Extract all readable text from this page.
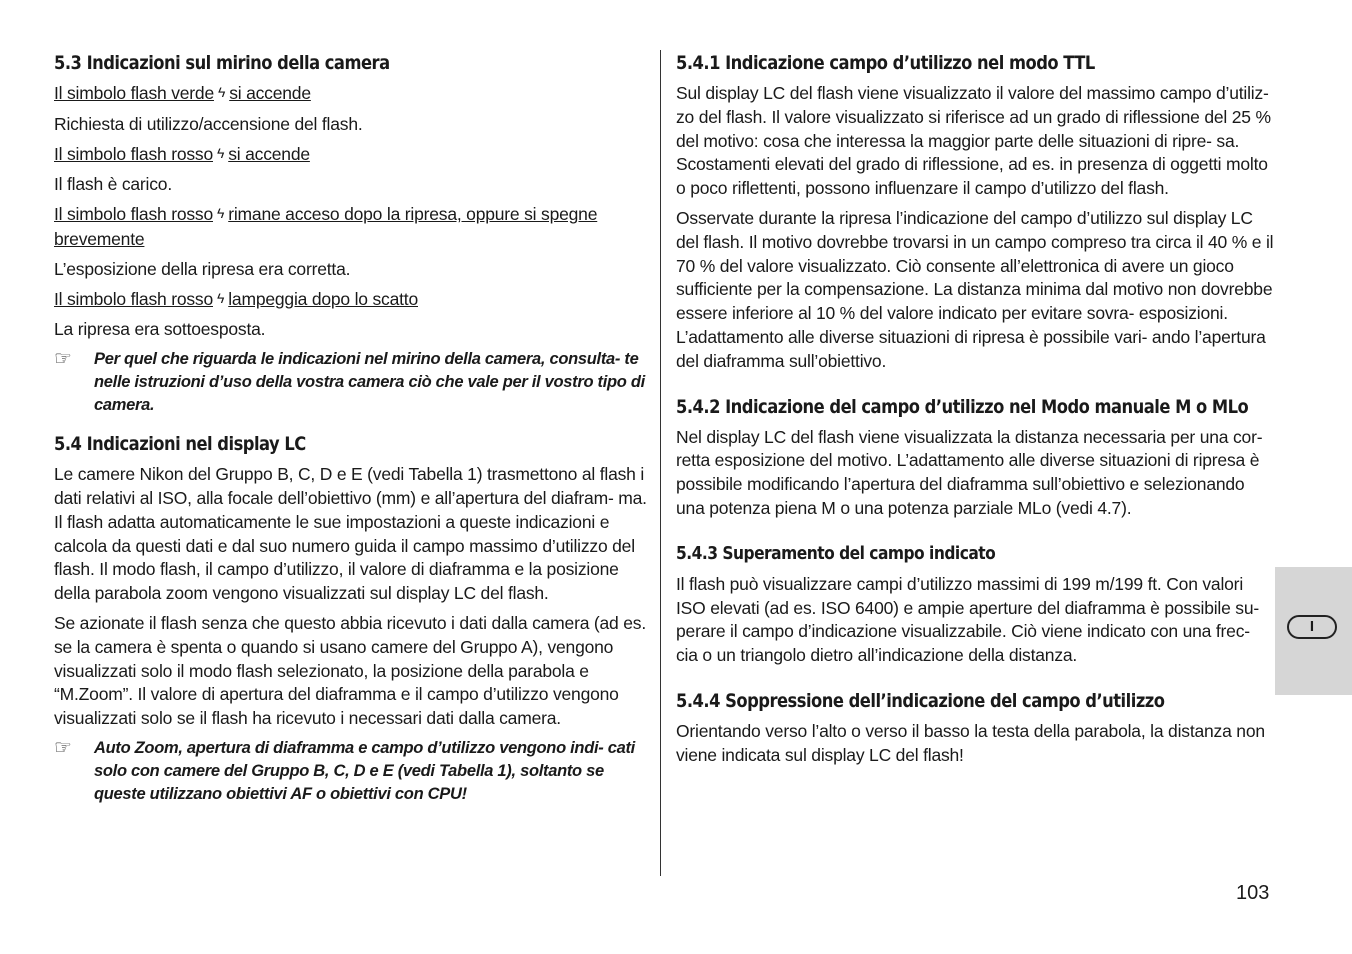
5.3 Indicazioni sul mirino della camera

Il simbolo flash verde ϟ si accende

Richiesta di utilizzo/accensione del flash.

Il simbolo flash rosso ϟ si accende

Il flash è carico.

Il simbolo flash rosso ϟ rimane acceso dopo la ripresa, oppure si spegne
brevemente

L’esposizione della ripresa era corretta.

Il simbolo flash rosso ϟ lampeggia dopo lo scatto

La ripresa era sottoesposta.

☞	Per quel che riguarda le indicazioni nel mirino della camera, consulta- te nelle istruzioni d’uso della vostra camera ciò che vale per il vostro tipo di camera.
5.4 Indicazioni nel display LC

Le camere Nikon del Gruppo B, C, D e E (vedi Tabella 1) trasmettono al flash i dati relativi al ISO, alla focale dell’obiettivo (mm) e all’apertura del diafram- ma. Il flash adatta automaticamente le sue impostazioni a queste indicazioni e calcola da questi dati e dal suo numero guida il campo massimo d’utilizzo del flash. Il modo flash, il campo d’utilizzo, il valore di diaframma e la posizione della parabola zoom vengono visualizzati sul display LC del flash.

Se azionate il flash senza che questo abbia ricevuto i dati dalla camera (ad es. se la camera è spenta o quando si usano camere del Gruppo A), vengono visualizzati solo il modo flash selezionato, la posizione della parabola e “M.Zoom”. Il valore di apertura del diaframma e il campo d’utilizzo vengono visualizzati solo se il flash ha ricevuto i necessari dati dalla camera.

☞	Auto Zoom, apertura di diaframma e campo d’utilizzo vengono indi- cati solo con camere del Gruppo B, C, D e E (vedi Tabella 1), soltanto se queste utilizzano obiettivi AF o obiettivi con CPU!
5.4.1 Indicazione campo d’utilizzo nel modo TTL

Sul display LC del flash viene visualizzato il valore del massimo campo d’utiliz- zo del flash. Il valore visualizzato si riferisce ad un grado di riflessione del 25 % del motivo: cosa che interessa la maggior parte delle situazioni di ripre- sa. Scostamenti elevati del grado di riflessione, ad es. in presenza di oggetti molto o poco riflettenti, possono influenzare il campo d’utilizzo del flash.

Osservate durante la ripresa l’indicazione del campo d’utilizzo sul display LC del flash. Il motivo dovrebbe trovarsi in un campo compreso tra circa il 40 % e il 70 % del valore visualizzato. Ciò consente all’elettronica di avere un gioco sufficiente per la compensazione. La distanza minima dal motivo non dovrebbe essere inferiore al 10 % del valore indicato per evitare sovra- esposizioni. L’adattamento alle diverse situazioni di ripresa è possibile vari- ando l’apertura del diaframma sull’obiettivo.

5.4.2 Indicazione del campo d’utilizzo nel Modo manuale M o MLo

Nel display LC del flash viene visualizzata la distanza necessaria per una cor- retta esposizione del motivo. L’adattamento alle diverse situazioni di ripresa è possibile modificando l’apertura del diaframma sull’obiettivo e selezionando una potenza piena M o una potenza parziale MLo (vedi 4.7).

5.4.3 Superamento del campo indicato

Il flash può visualizzare campi d’utilizzo massimi di 199 m/199 ft. Con valori ISO elevati (ad es. ISO 6400) e ampie aperture del diaframma è possibile su- perare il campo d’indicazione visualizzabile. Ciò viene indicato con una frec- cia o un triangolo dietro all’indicazione della distanza.

5.4.4 Soppressione dell’indicazione del campo d’utilizzo

Orientando verso l’alto o verso il basso la testa della parabola, la distanza non viene indicata sul display LC del flash!

I
103
